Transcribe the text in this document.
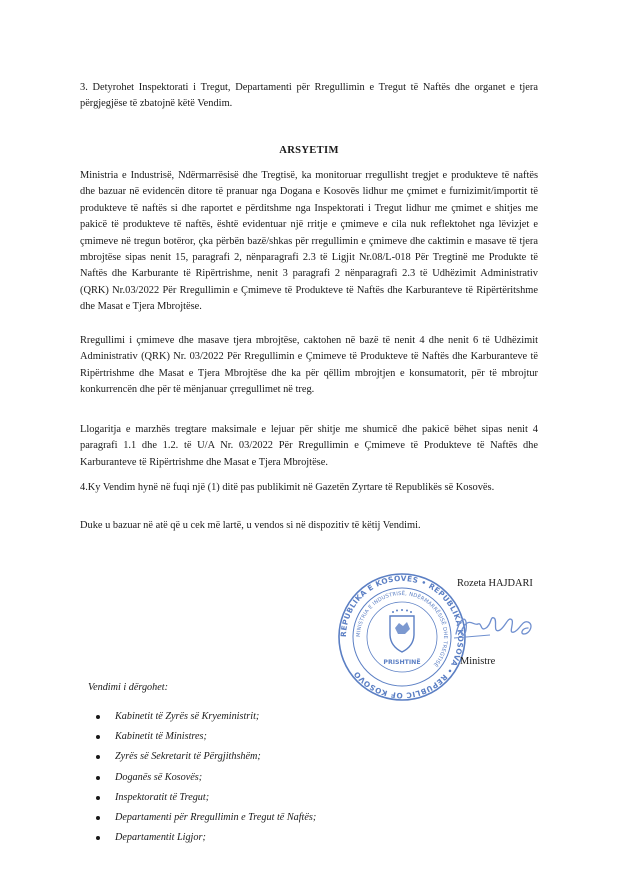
3. Detyrohet Inspektorati i Tregut, Departamenti për Rregullimin e Tregut të Naftës dhe organet e tjera përgjegjëse të zbatojnë këtë Vendim.

ARSYETIM

Ministria e Industrisë, Ndërmarrësisë dhe Tregtisë, ka monitoruar rregullisht tregjet e produkteve të naftës dhe bazuar në evidencën ditore të pranuar nga Dogana e Kosovës lidhur me çmimet e furnizimit/importit të produkteve të naftës si dhe raportet e përditshme nga Inspektorati i Tregut lidhur me çmimet e shitjes me pakicë të produkteve të naftës, është evidentuar një rritje e çmimeve e cila nuk reflektohet nga lëvizjet e çmimeve në tregun botëror, çka përbën bazë/shkas për rregullimin e çmimeve dhe caktimin e masave të tjera mbrojtëse sipas nenit 15, paragrafi 2, nënparagrafi 2.3 të Ligjit Nr.08/L-018 Për Tregtinë me Produkte të Naftës dhe Karburante të Ripërtrishme, nenit 3 paragrafi 2 nënparagrafi 2.3 të Udhëzimit Administrativ (QRK) Nr.03/2022 Për Rregullimin e Çmimeve të Produkteve të Naftës dhe Karburanteve të Ripërtëritshme dhe Masat e Tjera Mbrojtëse.

Rregullimi i çmimeve dhe masave tjera mbrojtëse, caktohen në bazë të nenit 4 dhe nenit 6 të Udhëzimit Administrativ (QRK) Nr. 03/2022 Për Rregullimin e Çmimeve të Produkteve të Naftës dhe Karburanteve të Ripërtrishme dhe Masat e Tjera Mbrojtëse dhe ka për qëllim mbrojtjen e konsumatorit, për të mbrojtur konkurrencën dhe për të mënjanuar çrregullimet në treg.

Llogaritja e marzhës tregtare maksimale e lejuar për shitje me shumicë dhe pakicë bëhet sipas nenit 4 paragrafi 1.1 dhe 1.2. të U/A Nr. 03/2022 Për Rregullimin e Çmimeve të Produkteve të Naftës dhe Karburanteve të Ripërtrishme dhe Masat e Tjera Mbrojtëse.

4.Ky Vendim hynë në fuqi një (1) ditë pas publikimit në Gazetën Zyrtare të Republikës së Kosovës.

Duke u bazuar në atë që u cek më lartë, u vendos si në dispozitiv të këtij Vendimi.

REPUBLIKA E KOSOVËS • REPUBLIKA KOSOVA • REPUBLIC OF KOSOVO
MINISTRIA E INDUSTRISË, NDËRMARRËSISË DHE TREGTISË
PRISHTINË
Rozeta HAJDARI
Ministre
Vendimi i dërgohet:
Kabinetit të Zyrës së Kryeministrit;
Kabinetit të Ministres;
Zyrës së Sekretarit të Përgjithshëm;
Doganës së Kosovës;
Inspektoratit të Tregut;
Departamenti për Rregullimin e Tregut të Naftës;
Departamentit Ligjor;
